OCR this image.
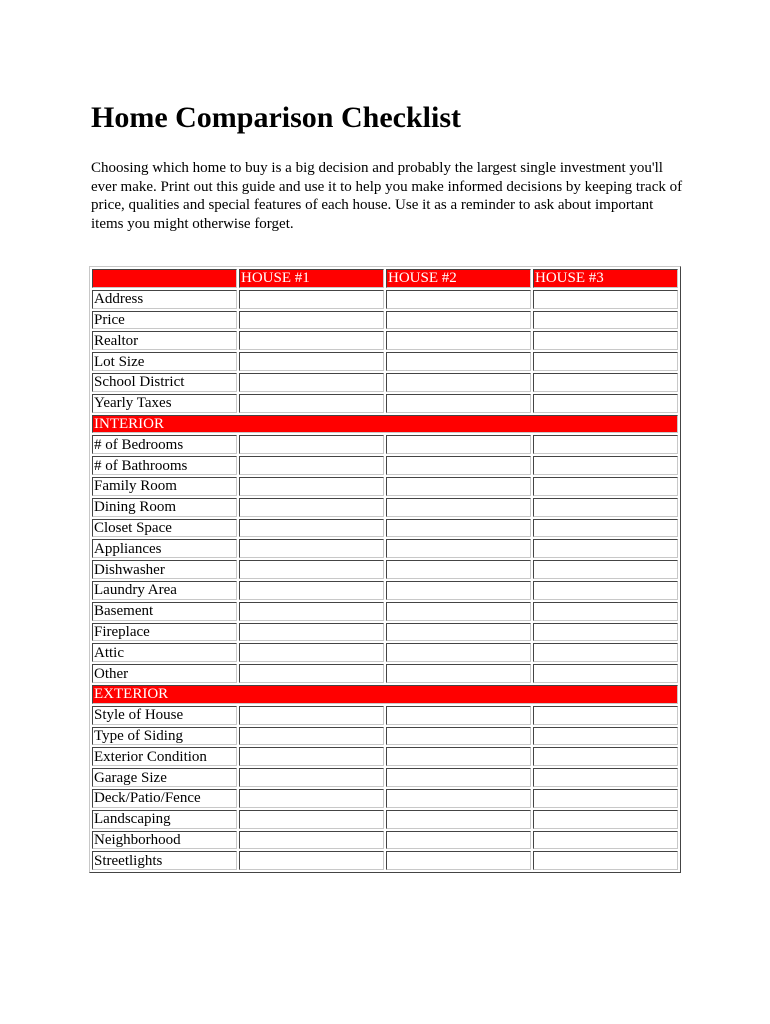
Home Comparison Checklist

Choosing which home to buy is a big decision and probably the largest single investment you'll ever make. Print out this guide and use it to help you make informed decisions by keeping track of price, qualities and special features of each house. Use it as a reminder to ask about important items you might otherwise forget.

	HOUSE #1	HOUSE #2	HOUSE #3
Address			
Price			
Realtor			
Lot Size			
School District			
Yearly Taxes			
INTERIOR			
# of Bedrooms			
# of Bathrooms			
Family Room			
Dining Room			
Closet Space			
Appliances			
Dishwasher			
Laundry Area			
Basement			
Fireplace			
Attic			
Other			
EXTERIOR			
Style of House			
Type of Siding			
Exterior Condition			
Garage Size			
Deck/Patio/Fence			
Landscaping			
Neighborhood			
Streetlights			
